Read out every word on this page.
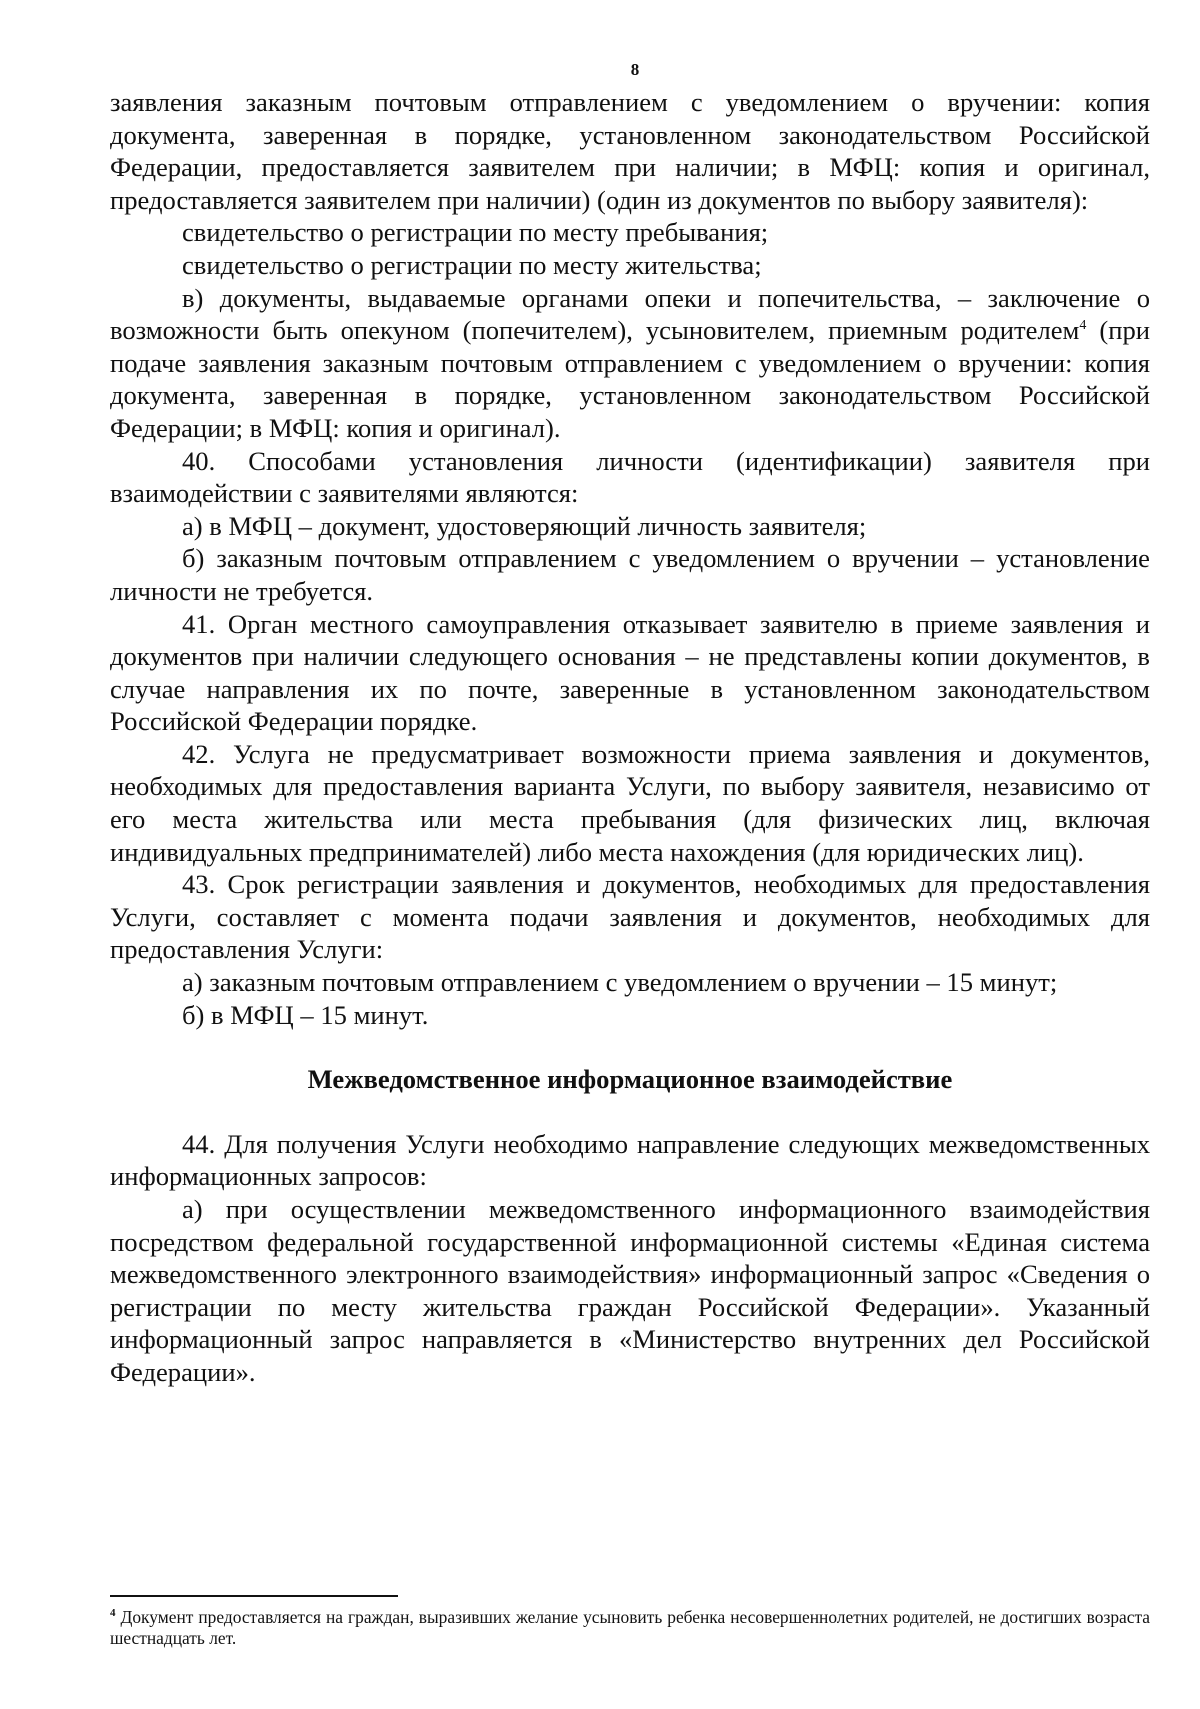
8

заявления заказным почтовым отправлением с уведомлением о вручении: копия документа, заверенная в порядке, установленном законодательством Российской Федерации, предоставляется заявителем при наличии; в МФЦ: копия и оригинал, предоставляется заявителем при наличии) (один из документов по выбору заявителя):

свидетельство о регистрации по месту пребывания;

свидетельство о регистрации по месту жительства;

в) документы, выдаваемые органами опеки и попечительства, – заключение о возможности быть опекуном (попечителем), усыновителем, приемным родителем$^4$ (при подаче заявления заказным почтовым отправлением с уведомлением о вручении: копия документа, заверенная в порядке, установленном законодательством Российской Федерации; в МФЦ: копия и оригинал).

40. Способами установления личности (идентификации) заявителя при взаимодействии с заявителями являются:

а) в МФЦ – документ, удостоверяющий личность заявителя;

б) заказным почтовым отправлением с уведомлением о вручении – установление личности не требуется.

41. Орган местного самоуправления отказывает заявителю в приеме заявления и документов при наличии следующего основания – не представлены копии документов, в случае направления их по почте, заверенные в установленном законодательством Российской Федерации порядке.

42. Услуга не предусматривает возможности приема заявления и документов, необходимых для предоставления варианта Услуги, по выбору заявителя, независимо от его места жительства или места пребывания (для физических лиц, включая индивидуальных предпринимателей) либо места нахождения (для юридических лиц).

43. Срок регистрации заявления и документов, необходимых для предоставления Услуги, составляет с момента подачи заявления и документов, необходимых для предоставления Услуги:

а) заказным почтовым отправлением с уведомлением о вручении – 15 минут;

б) в МФЦ – 15 минут.

Межведомственное информационное взаимодействие

44. Для получения Услуги необходимо направление следующих межведомственных информационных запросов:

а) при осуществлении межведомственного информационного взаимодействия посредством федеральной государственной информационной системы «Единая система межведомственного электронного взаимодействия» информационный запрос «Сведения о регистрации по месту жительства граждан Российской Федерации». Указанный информационный запрос направляется в «Министерство внутренних дел Российской Федерации».

$^4$ Документ предоставляется на граждан, выразивших желание усыновить ребенка несовершеннолетних родителей, не достигших возраста шестнадцать лет.
